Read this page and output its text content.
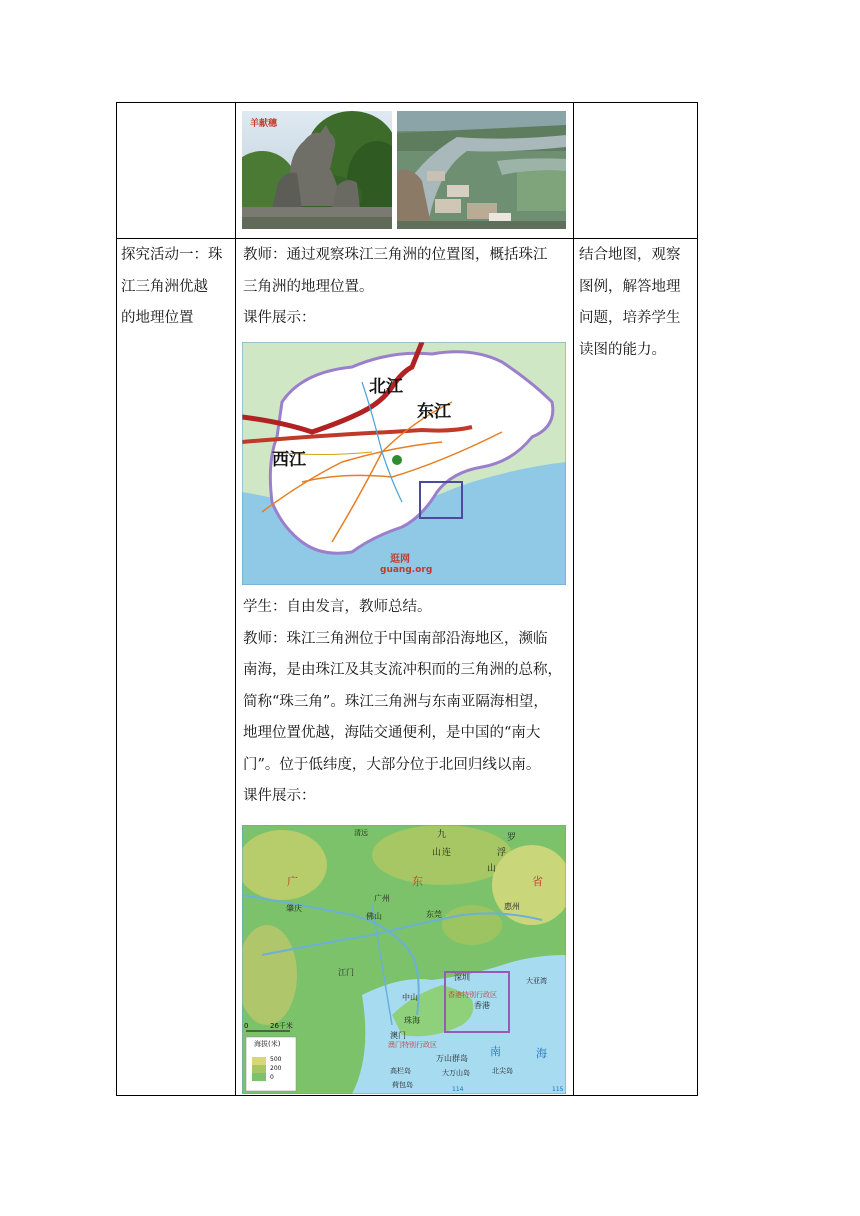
羊献穗

探究活动一：珠

江三角洲优越

的地理位置

教师：通过观察珠江三角洲的位置图，概括珠江

三角洲的地理位置。

课件展示：

北江
东江
西江
逛网
guang.org

学生：自由发言，教师总结。

教师：珠江三角洲位于中国南部沿海地区，濒临

南海，是由珠江及其支流冲积而的三角洲的总称，

简称“珠三角”。珠江三角洲与东南亚隔海相望，

地理位置优越，海陆交通便利，是中国的“南大

门”。位于低纬度，大部分位于北回归线以南。

课件展示：

广	东	省
南	海
九
山 连
罗
浮
山
清远
广州
佛山	东莞
惠州
肇庆
江门
中山
珠海
澳门
深圳
香港
香港特别行政区
澳门特别行政区
万山群岛
大亚湾
高栏岛
荷包岛
北尖岛
大万山岛
0	26千米
海拔(米)
500
200
0
114	115

结合地图，观察

图例，解答地理

问题，培养学生

读图的能力。
